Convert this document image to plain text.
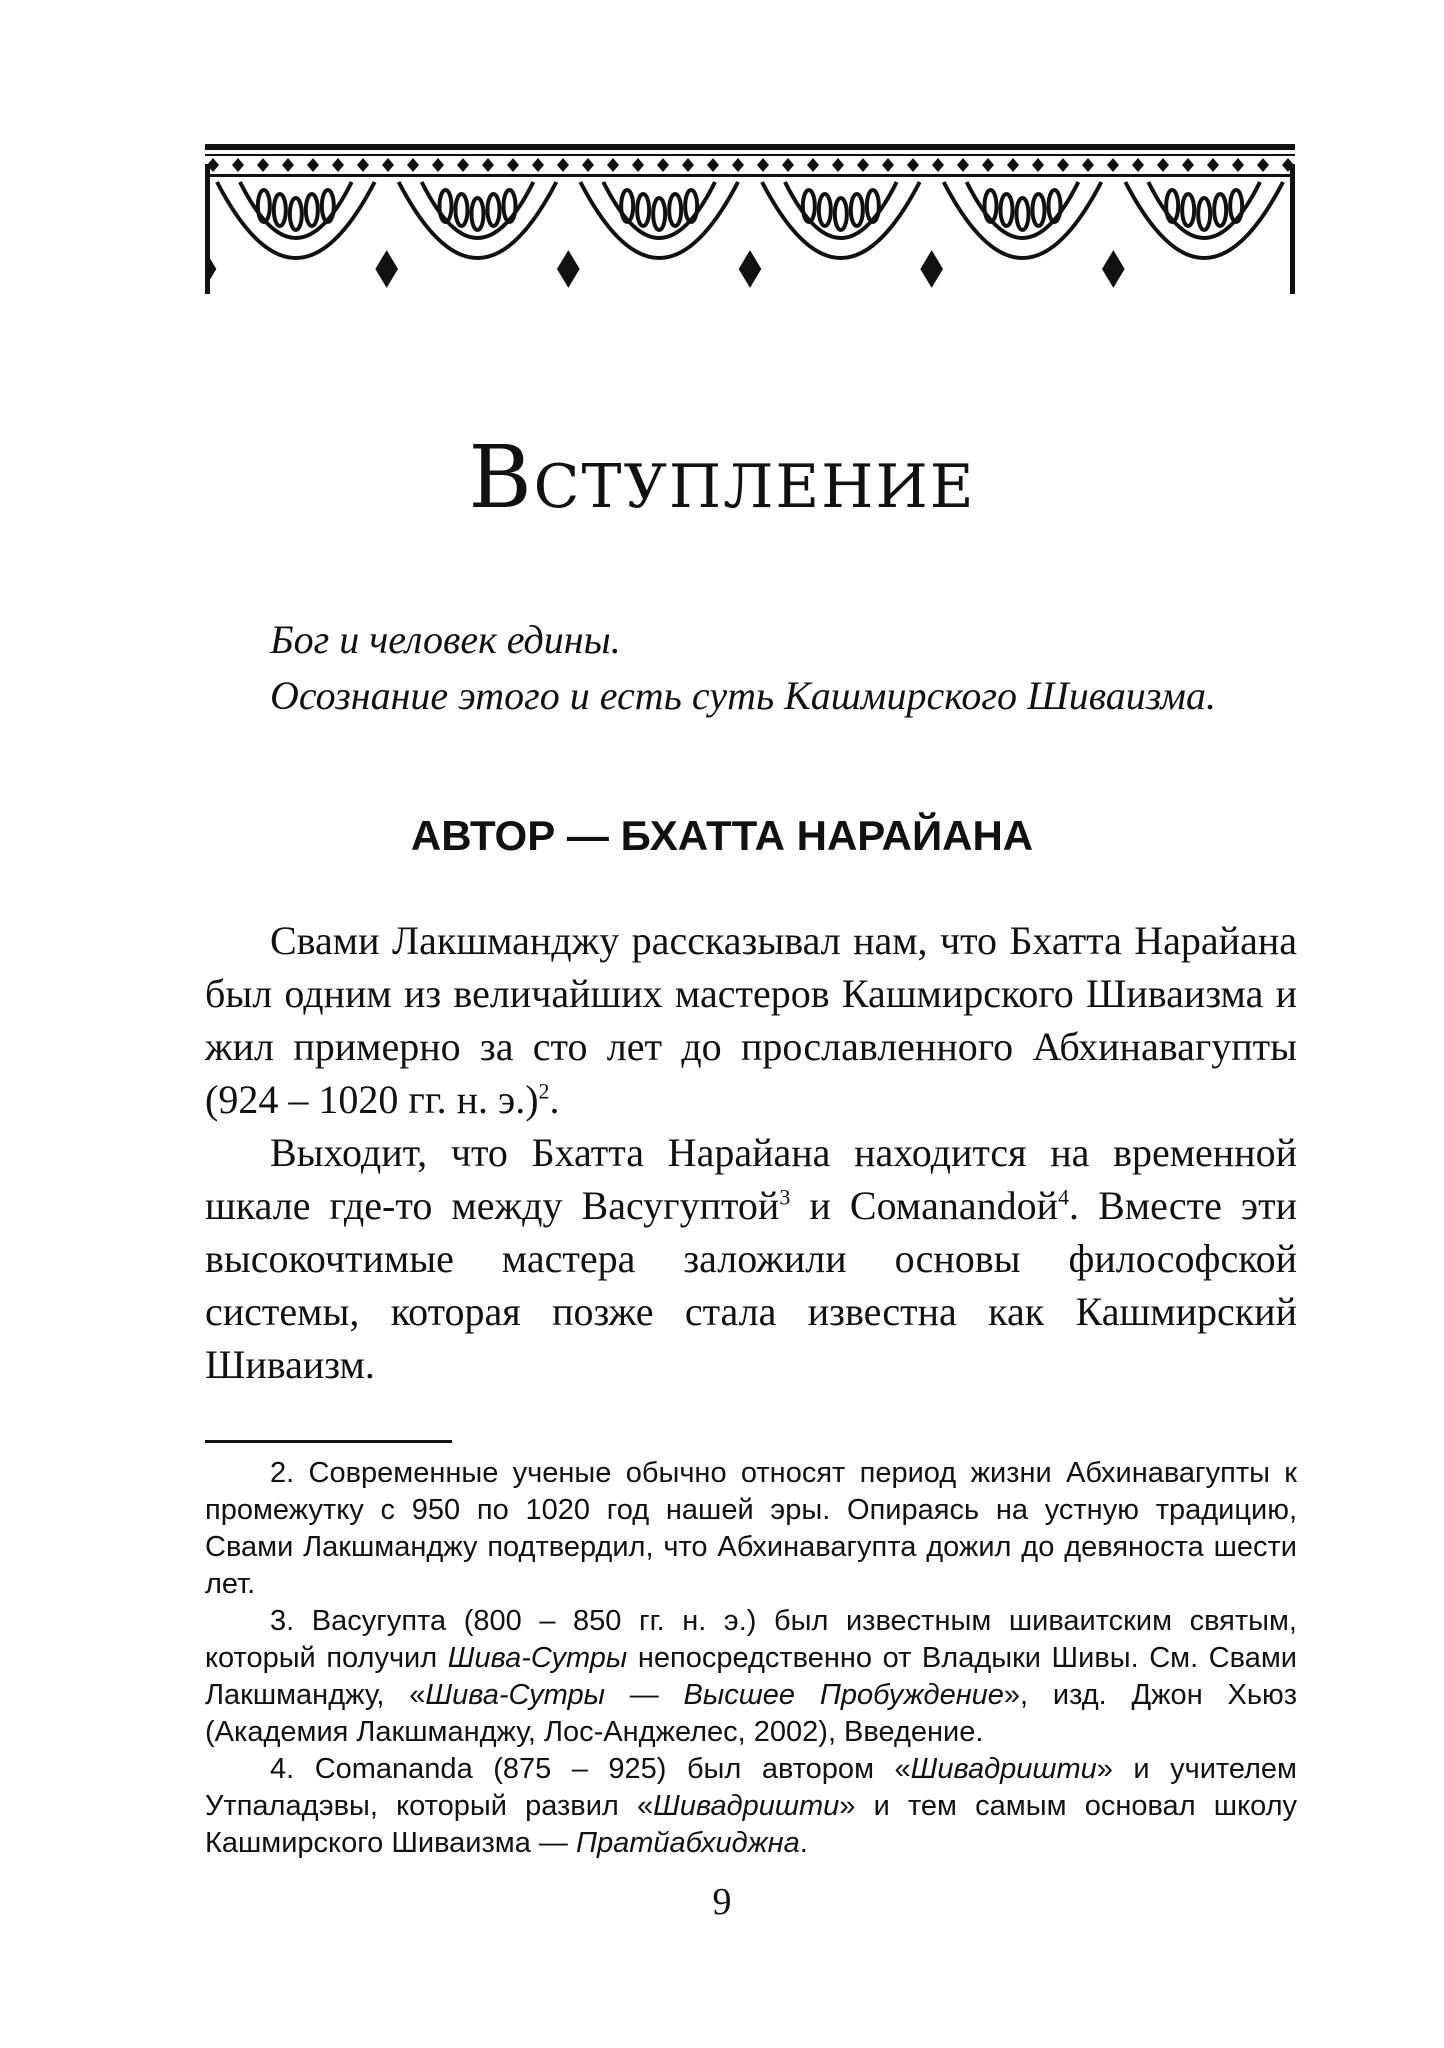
Вступление
Бог и человек едины.
Осознание этого и есть суть Кашмирского Шиваизма.
АВТОР — БХАТТА НАРАЙАНА

Свами Лакшманджу рассказывал нам, что Бхатта Нарайана был одним из величайших мастеров Кашмирского Шиваизма и жил примерно за сто лет до прославленного Абхинавагупты (924 – 1020 гг. н. э.)$^2$.

Выходит, что Бхатта Нарайана находится на временной шкале где-то между Васугуптой$^3$ и Сомanandой$^4$. Вместе эти высокочтимые мастера заложили основы философской системы, которая позже стала известна как Кашмирский Шиваизм.

2. Современные ученые обычно относят период жизни Абхинавагупты к промежутку с 950 по 1020 год нашей эры. Опираясь на устную традицию, Свами Лакшманджу подтвердил, что Абхинавагупта дожил до девяноста шести лет.

3. Васугупта (800 – 850 гг. н. э.) был известным шиваитским святым, который получил Шива-Сутры непосредственно от Владыки Шивы. См. Свами Лакшманджу, «Шива-Сутры — Высшее Пробуждение», изд. Джон Хьюз (Академия Лакшманджу, Лос-Анджелес, 2002), Введение.

4. Соmananda (875 – 925) был автором «Шивадришти» и учителем Утпаладэвы, который развил «Шивадришти» и тем самым основал школу Кашмирского Шиваизма — Пратйабхиджна.

9
